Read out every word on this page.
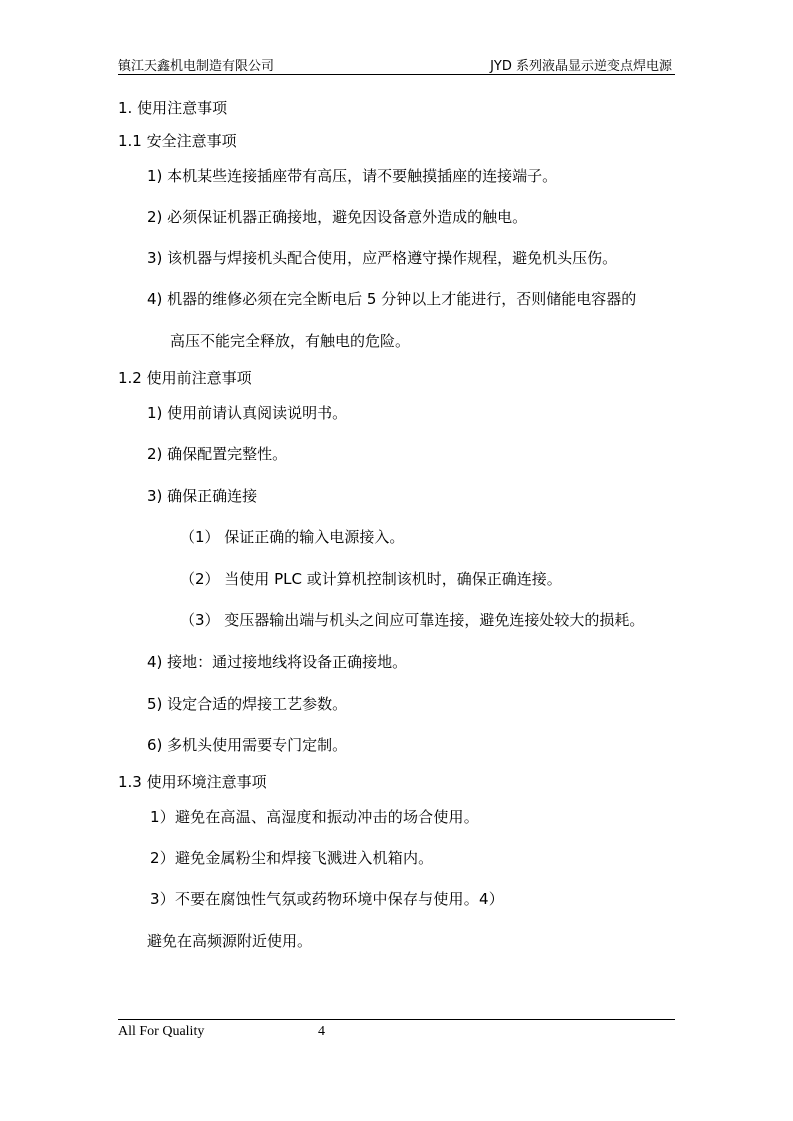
镇江天鑫机电制造有限公司	JYD 系列液晶显示逆变点焊电源
1. 使用注意事项
1.1 安全注意事项
1) 本机某些连接插座带有高压，请不要触摸插座的连接端子。
2) 必须保证机器正确接地，避免因设备意外造成的触电。
3) 该机器与焊接机头配合使用，应严格遵守操作规程，避免机头压伤。
4) 机器的维修必须在完全断电后 5 分钟以上才能进行，否则储能电容器的
高压不能完全释放，有触电的危险。
1.2 使用前注意事项
1) 使用前请认真阅读说明书。
2) 确保配置完整性。
3) 确保正确连接
（1） 保证正确的输入电源接入。
（2） 当使用 PLC 或计算机控制该机时，确保正确连接。
（3） 变压器输出端与机头之间应可靠连接，避免连接处较大的损耗。
4) 接地：通过接地线将设备正确接地。
5) 设定合适的焊接工艺参数。
6) 多机头使用需要专门定制。
1.3 使用环境注意事项
1）避免在高温、高湿度和振动冲击的场合使用。
2）避免金属粉尘和焊接飞溅进入机箱内。
3）不要在腐蚀性气氛或药物环境中保存与使用。4）
避免在高频源附近使用。
All For Quality	4
